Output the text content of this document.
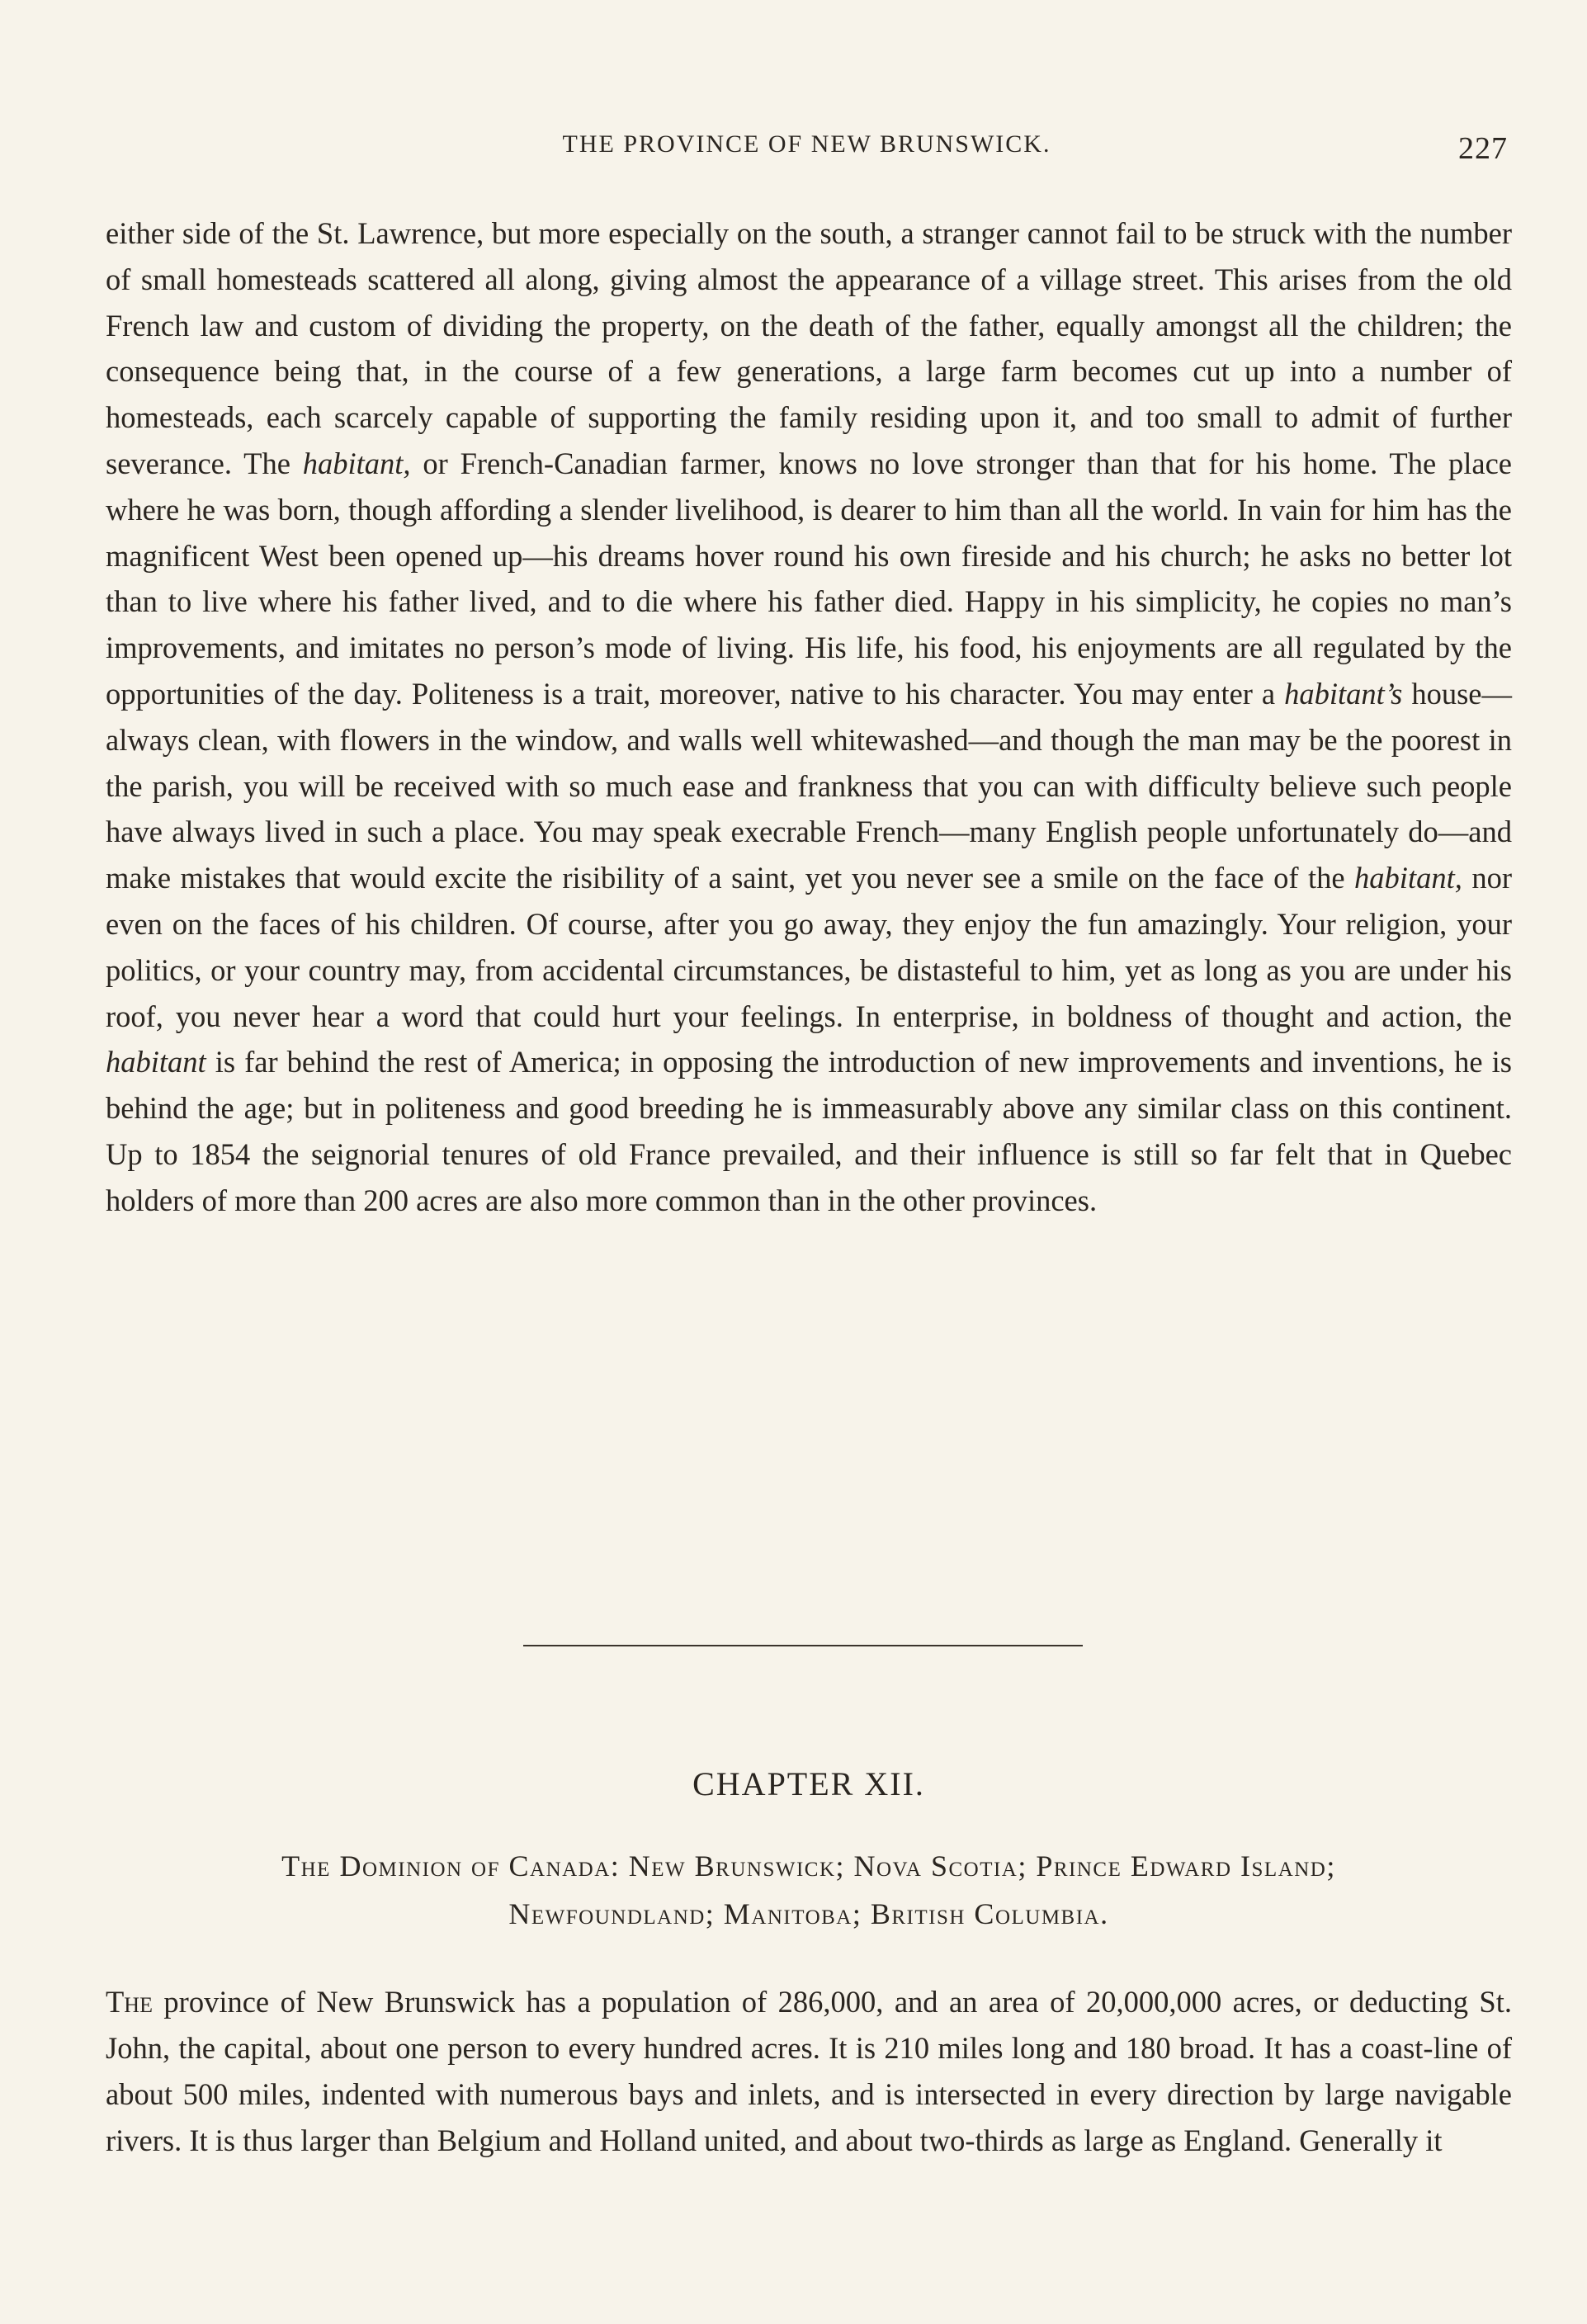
THE PROVINCE OF NEW BRUNSWICK.	227

either side of the St. Lawrence, but more especially on the south, a stranger cannot fail to be struck with the number of small homesteads scattered all along, giving almost the appearance of a village street. This arises from the old French law and custom of dividing the property, on the death of the father, equally amongst all the children; the consequence being that, in the course of a few generations, a large farm becomes cut up into a number of homesteads, each scarcely capable of supporting the family residing upon it, and too small to admit of further severance. The habitant, or French-Canadian farmer, knows no love stronger than that for his home. The place where he was born, though affording a slender livelihood, is dearer to him than all the world. In vain for him has the magnificent West been opened up—his dreams hover round his own fireside and his church; he asks no better lot than to live where his father lived, and to die where his father died. Happy in his simplicity, he copies no man’s improvements, and imitates no person’s mode of living. His life, his food, his enjoyments are all regulated by the opportunities of the day. Politeness is a trait, moreover, native to his character. You may enter a habitant’s house—always clean, with flowers in the window, and walls well whitewashed—and though the man may be the poorest in the parish, you will be received with so much ease and frankness that you can with difficulty believe such people have always lived in such a place. You may speak execrable French—many English people unfortunately do—and make mistakes that would excite the risibility of a saint, yet you never see a smile on the face of the habitant, nor even on the faces of his children. Of course, after you go away, they enjoy the fun amazingly. Your religion, your politics, or your country may, from accidental circumstances, be distasteful to him, yet as long as you are under his roof, you never hear a word that could hurt your feelings. In enterprise, in boldness of thought and action, the habitant is far behind the rest of America; in opposing the introduction of new improvements and inventions, he is behind the age; but in politeness and good breeding he is immeasurably above any similar class on this continent. Up to 1854 the seignorial tenures of old France prevailed, and their influence is still so far felt that in Quebec holders of more than 200 acres are also more common than in the other provinces.

CHAPTER XII.
The Dominion of Canada: New Brunswick; Nova Scotia; Prince Edward Island;
Newfoundland; Manitoba; British Columbia.

The province of New Brunswick has a population of 286,000, and an area of 20,000,000 acres, or deducting St. John, the capital, about one person to every hundred acres. It is 210 miles long and 180 broad. It has a coast-line of about 500 miles, indented with numerous bays and inlets, and is intersected in every direction by large navigable rivers. It is thus larger than Belgium and Holland united, and about two-thirds as large as England. Generally it
